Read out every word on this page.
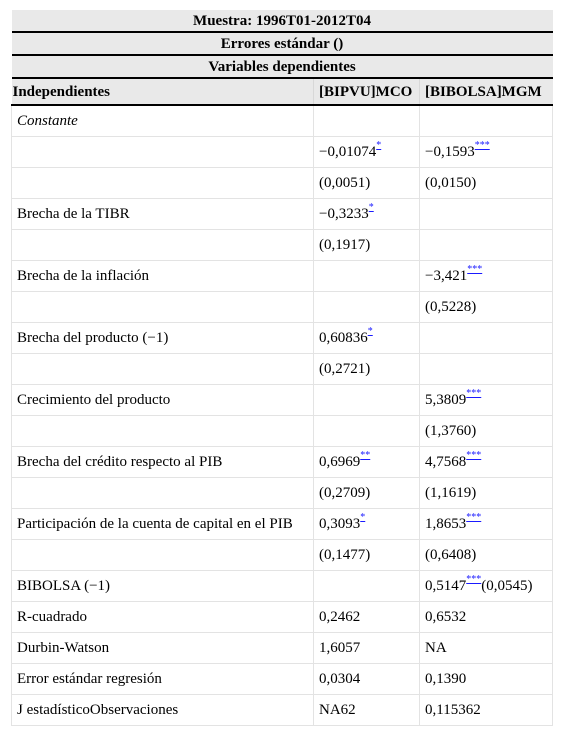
Muestra: 1996T01-2012T04		
Errores estándar ()		
Variables dependientes		
Independientes	[BIPVU]MCO	[BIBOLSA]MGM
Constante		
	−0,01074*	−0,1593***
	(0,0051)	(0,0150)
Brecha de la TIBR	−0,3233*	
	(0,1917)	
Brecha de la inflación		−3,421***
		(0,5228)
Brecha del producto (−1)	0,60836*	
	(0,2721)	
Crecimiento del producto		5,3809***
		(1,3760)
Brecha del crédito respecto al PIB	0,6969**	4,7568***
	(0,2709)	(1,1619)
Participación de la cuenta de capital en el PIB	0,3093*	1,8653***
	(0,1477)	(0,6408)
BIBOLSA (−1)		0,5147***(0,0545)
R-cuadrado	0,2462	0,6532
Durbin-Watson	1,6057	NA
Error estándar regresión	0,0304	0,1390
J estadísticoObservaciones	NA62	0,115362
